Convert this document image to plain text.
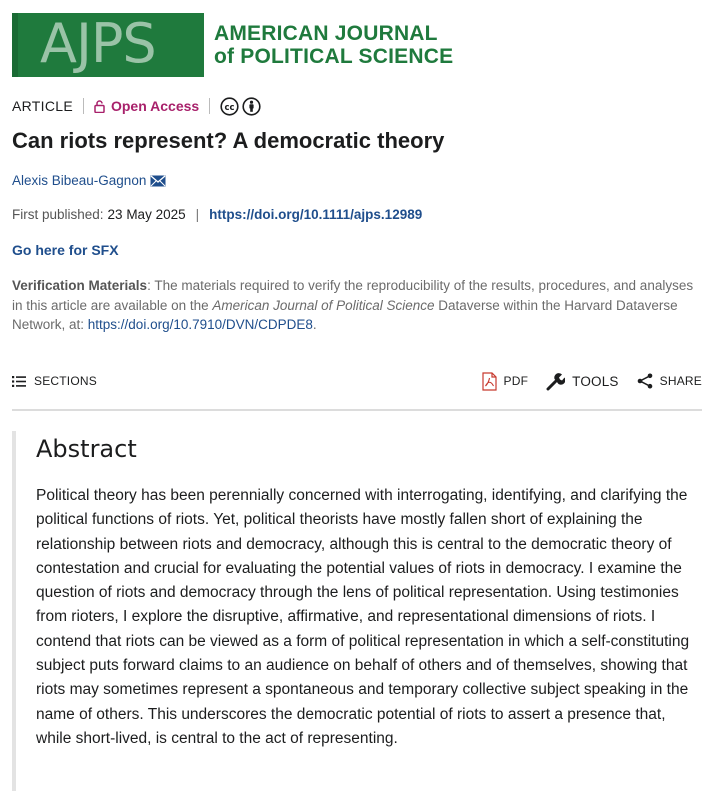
AJPS	AMERICAN JOURNAL
of POLITICAL SCIENCE
ARTICLE	Open Access	cc
Can riots represent? A democratic theory
Alexis Bibeau-Gagnon
First published: 23 May 2025 | https://doi.org/10.1111/ajps.12989
Go here for SFX
Verification Materials: The materials required to verify the reproducibility of the results, procedures, and analyses in this article are available on the American Journal of Political Science Dataverse within the Harvard Dataverse Network, at: https://doi.org/10.7910/DVN/CDPDE8.
SECTIONS	PDF	TOOLS	SHARE
Abstract

Political theory has been perennially concerned with interrogating, identifying, and clarifying the political functions of riots. Yet, political theorists have mostly fallen short of explaining the relationship between riots and democracy, although this is central to the democratic theory of contestation and crucial for evaluating the potential values of riots in democracy. I examine the question of riots and democracy through the lens of political representation. Using testimonies from rioters, I explore the disruptive, affirmative, and representational dimensions of riots. I contend that riots can be viewed as a form of political representation in which a self-constituting subject puts forward claims to an audience on behalf of others and of themselves, showing that riots may sometimes represent a spontaneous and temporary collective subject speaking in the name of others. This underscores the democratic potential of riots to assert a presence that, while short-lived, is central to the act of representing.
